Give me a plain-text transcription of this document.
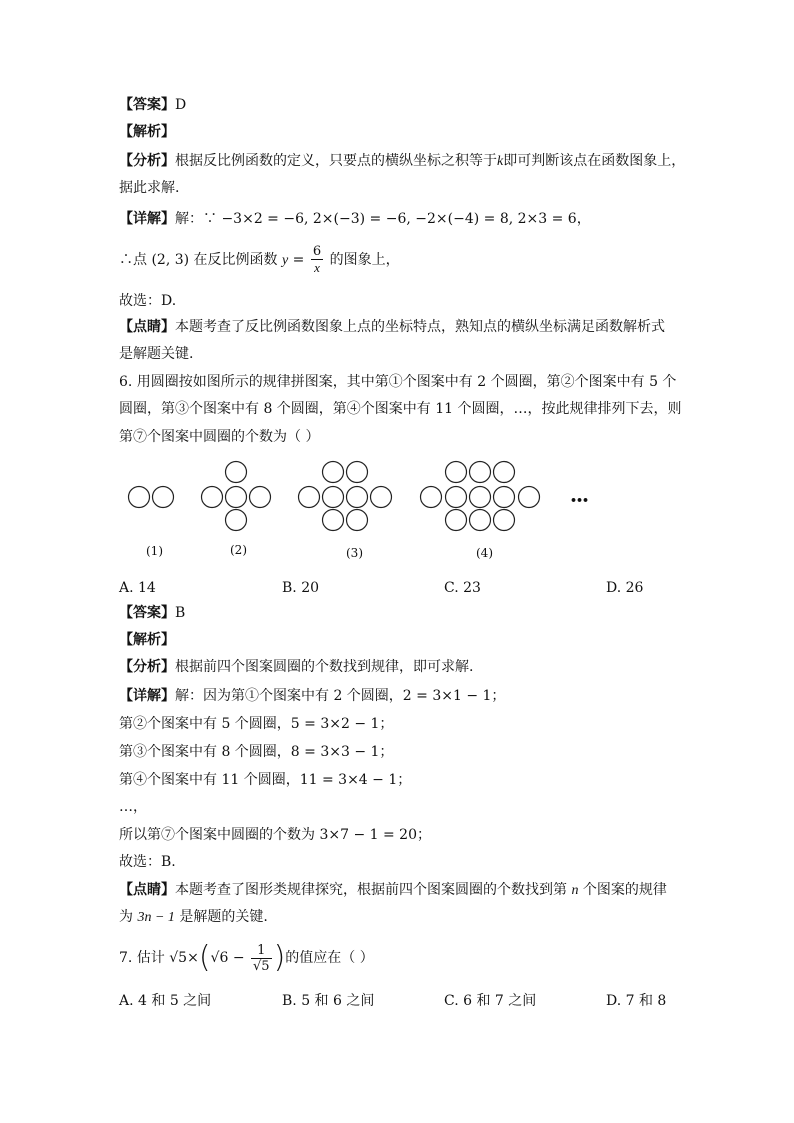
【答案】D
【解析】
【分析】根据反比例函数的定义，只要点的横纵坐标之积等于k即可判断该点在函数图象上，
据此求解.
【详解】解：∵ −3×2 = −6, 2×(−3) = −6, −2×(−4) = 8, 2×3 = 6，
∴点 (2, 3) 在反比例函数 $y = \frac{6}{x}$ 的图象上，
故选：D.
【点睛】本题考查了反比例函数图象上点的坐标特点，熟知点的横纵坐标满足函数解析式
是解题关键.
6. 用圆圈按如图所示的规律拼图案，其中第①个图案中有 2 个圆圈，第②个图案中有 5 个
圆圈，第③个图案中有 8 个圆圈，第④个图案中有 11 个圆圈，…，按此规律排列下去，则
第⑦个图案中圆圈的个数为（ ）
(1)	(2)	(3)	(4)
•••
A. 14	B. 20	C. 23	D. 26
【答案】B
【解析】
【分析】根据前四个图案圆圈的个数找到规律，即可求解.
【详解】解：因为第①个图案中有 2 个圆圈，2 = 3×1 − 1；
第②个图案中有 5 个圆圈，5 = 3×2 − 1；
第③个图案中有 8 个圆圈，8 = 3×3 − 1；
第④个图案中有 11 个圆圈，11 = 3×4 − 1；
…，
所以第⑦个图案中圆圈的个数为 3×7 − 1 = 20；
故选：B.
【点睛】本题考查了图形类规律探究，根据前四个图案圆圈的个数找到第 n 个图案的规律
为 3n − 1 是解题的关键.
7. 估计 $√5\times(√6 - \frac{1}{√5}$ )的值应在（ ）
A. 4 和 5 之间	B. 5 和 6 之间	C. 6 和 7 之间	D. 7 和 8
